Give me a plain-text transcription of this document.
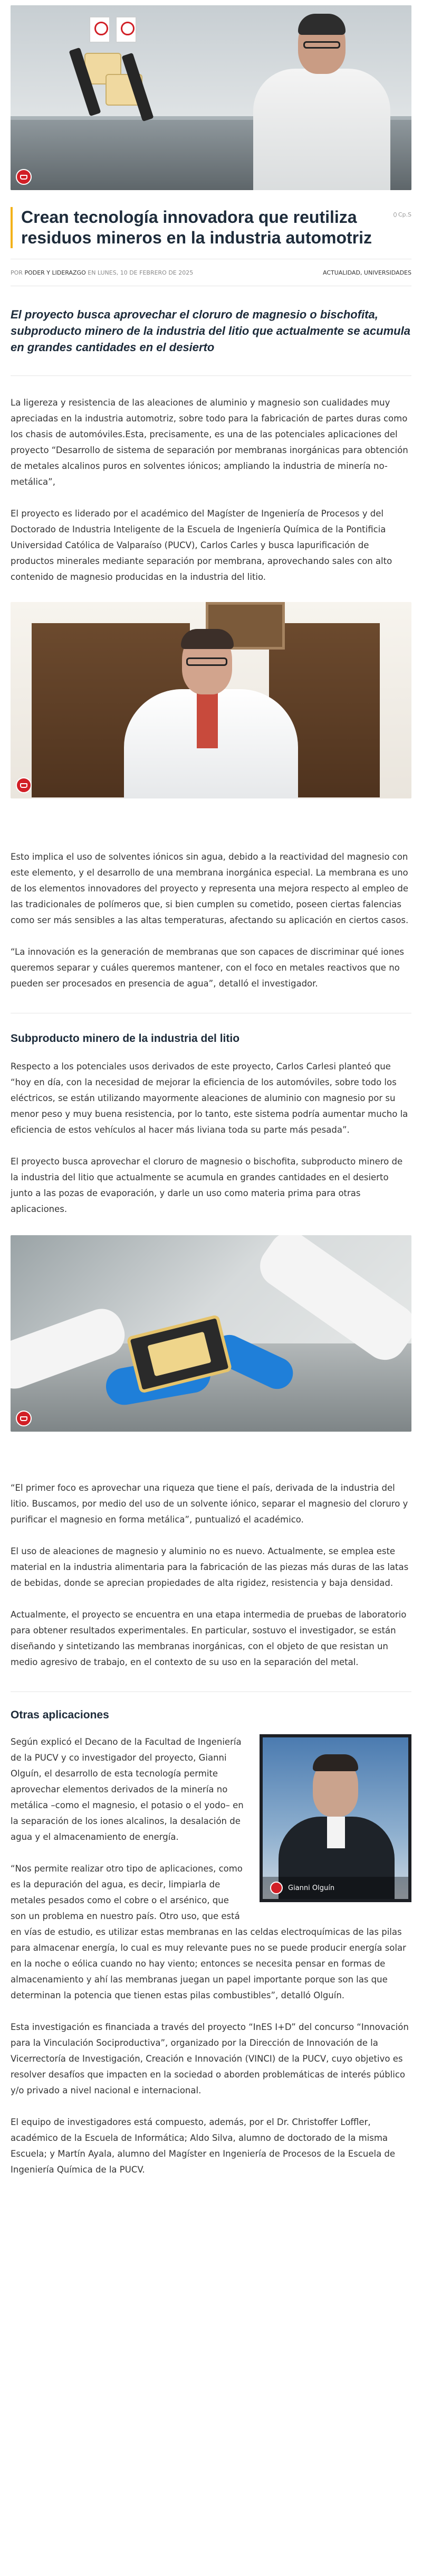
Crean tecnología innovadora que reutiliza residuos mineros en la industria automotriz
Cp.S
POR PODER Y LIDERAZGO EN LUNES, 10 DE FEBRERO DE 2025	ACTUALIDAD, UNIVERSIDADES

El proyecto busca aprovechar el cloruro de magnesio o bischofita, subproducto minero de la industria del litio que actualmente se acumula en grandes cantidades en el desierto

La ligereza y resistencia de las aleaciones de aluminio y magnesio son cualidades muy apreciadas en la industria automotriz, sobre todo para la fabricación de partes duras como los chasis de automóviles.Esta, precisamente, es una de las potenciales aplicaciones del proyecto “Desarrollo de sistema de separación por membranas inorgánicas para obtención de metales alcalinos puros en solventes iónicos; ampliando la industria de minería no-metálica”,

El proyecto es liderado por el académico del Magíster de Ingeniería de Procesos y del Doctorado de Industria Inteligente de la Escuela de Ingeniería Química de la Pontificia Universidad Católica de Valparaíso (PUCV), Carlos Carles y busca lapurificación de productos minerales mediante separación por membrana, aprovechando sales con alto contenido de magnesio producidas en la industria del litio.

Esto implica el uso de solventes iónicos sin agua, debido a la reactividad del magnesio con este elemento, y el desarrollo de una membrana inorgánica especial. La membrana es uno de los elementos innovadores del proyecto y representa una mejora respecto al empleo de las tradicionales de polímeros que, si bien cumplen su cometido, poseen ciertas falencias como ser más sensibles a las altas temperaturas, afectando su aplicación en ciertos casos.

“La innovación es la generación de membranas que son capaces de discriminar qué iones queremos separar y cuáles queremos mantener, con el foco en metales reactivos que no pueden ser procesados en presencia de agua”, detalló el investigador.

Subproducto minero de la industria del litio

Respecto a los potenciales usos derivados de este proyecto, Carlos Carlesi planteó que “hoy en día, con la necesidad de mejorar la eficiencia de los automóviles, sobre todo los eléctricos, se están utilizando mayormente aleaciones de aluminio con magnesio por su menor peso y muy buena resistencia, por lo tanto, este sistema podría aumentar mucho la eficiencia de estos vehículos al hacer más liviana toda su parte más pesada”.

El proyecto busca aprovechar el cloruro de magnesio o bischofita, subproducto minero de la industria del litio que actualmente se acumula en grandes cantidades en el desierto junto a las pozas de evaporación, y darle un uso como materia prima para otras aplicaciones.

“El primer foco es aprovechar una riqueza que tiene el país, derivada de la industria del litio. Buscamos, por medio del uso de un solvente iónico, separar el magnesio del cloruro y purificar el magnesio en forma metálica”, puntualizó el académico.

El uso de aleaciones de magnesio y aluminio no es nuevo. Actualmente, se emplea este material en la industria alimentaria para la fabricación de las piezas más duras de las latas de bebidas, donde se aprecian propiedades de alta rigidez, resistencia y baja densidad.

Actualmente, el proyecto se encuentra en una etapa intermedia de pruebas de laboratorio para obtener resultados experimentales. En particular, sostuvo el investigador, se están diseñando y sintetizando las membranas inorgánicas, con el objeto de que resistan un medio agresivo de trabajo, en el contexto de su uso en la separación del metal.

Otras aplicaciones
Gianni Olguín

Según explicó el Decano de la Facultad de Ingeniería de la PUCV y co investigador del proyecto, Gianni Olguín, el desarrollo de esta tecnología permite aprovechar elementos derivados de la minería no metálica –como el magnesio, el potasio o el yodo– en la separación de los iones alcalinos, la desalación de agua y el almacenamiento de energía.

“Nos permite realizar otro tipo de aplicaciones, como es la depuración del agua, es decir, limpiarla de metales pesados como el cobre o el arsénico, que son un problema en nuestro país. Otro uso, que está en vías de estudio, es utilizar estas membranas en las celdas electroquímicas de las pilas para almacenar energía, lo cual es muy relevante pues no se puede producir energía solar en la noche o eólica cuando no hay viento; entonces se necesita pensar en formas de almacenamiento y ahí las membranas juegan un papel importante porque son las que determinan la potencia que tienen estas pilas combustibles”, detalló Olguín.

Esta investigación es financiada a través del proyecto “InES I+D” del concurso “Innovación para la Vinculación Sociproductiva”, organizado por la Dirección de Innovación de la Vicerrectoría de Investigación, Creación e Innovación (VINCI) de la PUCV, cuyo objetivo es resolver desafíos que impacten en la sociedad o aborden problemáticas de interés público y/o privado a nivel nacional e internacional.

El equipo de investigadores está compuesto, además, por el Dr. Christoffer Loffler, académico de la Escuela de Informática; Aldo Silva, alumno de doctorado de la misma Escuela; y Martín Ayala, alumno del Magíster en Ingeniería de Procesos de la Escuela de Ingeniería Química de la PUCV.
